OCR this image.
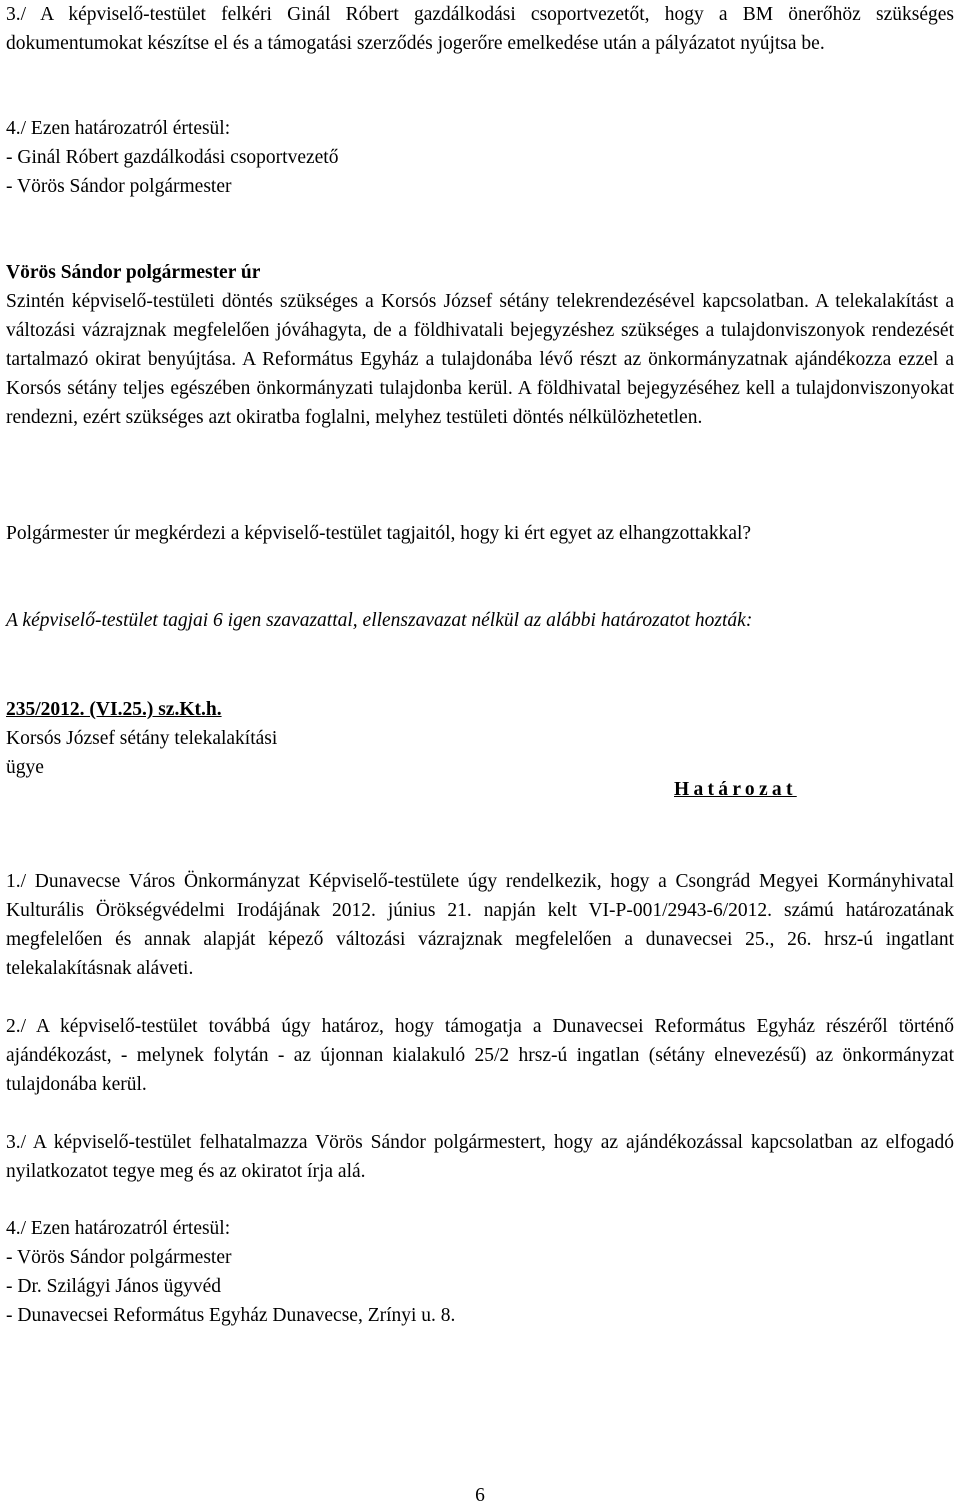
3./ A képviselő-testület felkéri Ginál Róbert gazdálkodási csoportvezetőt, hogy a BM önerőhöz szükséges dokumentumokat készítse el és a támogatási szerződés jogerőre emelkedése után a pályázatot nyújtsa be.

4./ Ezen határozatról értesül:
- Ginál Róbert gazdálkodási csoportvezető
- Vörös Sándor polgármester
Vörös Sándor polgármester úr

Szintén képviselő-testületi döntés szükséges a Korsós József sétány telekrendezésével kapcsolatban. A telekalakítást a változási vázrajznak megfelelően jóváhagyta, de a földhivatali bejegyzéshez szükséges a tulajdonviszonyok rendezését tartalmazó okirat benyújtása. A Református Egyház a tulajdonába lévő részt az önkormányzatnak ajándékozza ezzel a Korsós sétány teljes egészében önkormányzati tulajdonba kerül. A földhivatal bejegyzéséhez kell a tulajdonviszonyokat rendezni, ezért szükséges azt okiratba foglalni, melyhez testületi döntés nélkülözhetetlen.

Polgármester úr megkérdezi a képviselő-testület tagjaitól, hogy ki ért egyet az elhangzottakkal?

A képviselő-testület tagjai 6 igen szavazattal, ellenszavazat nélkül az alábbi határozatot hozták:

235/2012. (VI.25.) sz.Kt.h.
Korsós József sétány telekalakítási
ügye
Határozat

1./ Dunavecse Város Önkormányzat Képviselő-testülete úgy rendelkezik, hogy a Csongrád Megyei Kormányhivatal Kulturális Örökségvédelmi Irodájának 2012. június 21. napján kelt VI-P-001/2943-6/2012. számú határozatának megfelelően és annak alapját képező változási vázrajznak megfelelően a dunavecsei 25., 26. hrsz-ú ingatlant telekalakításnak aláveti.

2./ A képviselő-testület továbbá úgy határoz, hogy támogatja a Dunavecsei Református Egyház részéről történő ajándékozást, - melynek folytán - az újonnan kialakuló 25/2 hrsz-ú ingatlan (sétány elnevezésű) az önkormányzat tulajdonába kerül.

3./ A képviselő-testület felhatalmazza Vörös Sándor polgármestert, hogy az ajándékozással kapcsolatban az elfogadó nyilatkozatot tegye meg és az okiratot írja alá.

4./ Ezen határozatról értesül:
- Vörös Sándor polgármester
- Dr. Szilágyi János ügyvéd
- Dunavecsei Református Egyház Dunavecse, Zrínyi u. 8.
6
